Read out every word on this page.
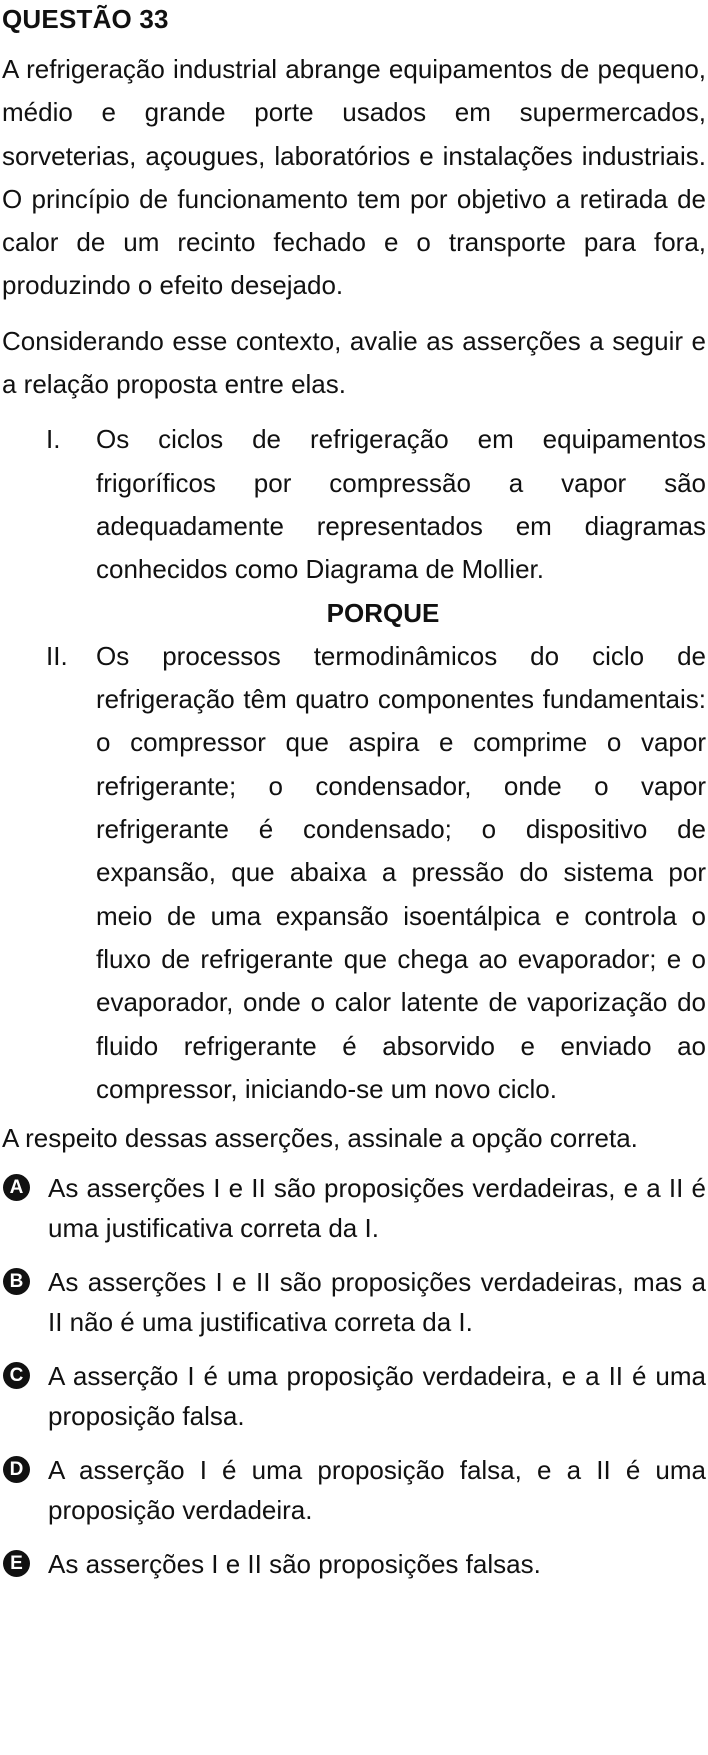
QUESTÃO 33

A refrigeração industrial abrange equipamentos de pequeno, médio e grande porte usados em supermercados, sorveterias, açougues, laboratórios e instalações industriais. O princípio de funcionamento tem por objetivo a retirada de calor de um recinto fechado e o transporte para fora, produzindo o efeito desejado.

Considerando esse contexto, avalie as asserções a seguir e a relação proposta entre elas.

I.	Os ciclos de refrigeração em equipamentos frigoríficos por compressão a vapor são adequadamente representados em diagramas conhecidos como Diagrama de Mollier.
PORQUE
II.	Os processos termodinâmicos do ciclo de refrigeração têm quatro componentes fundamentais: o compressor que aspira e comprime o vapor refrigerante; o condensador, onde o vapor refrigerante é condensado; o dispositivo de expansão, que abaixa a pressão do sistema por meio de uma expansão isoentálpica e controla o fluxo de refrigerante que chega ao evaporador; e o evaporador, onde o calor latente de vaporização do fluido refrigerante é absorvido e enviado ao compressor, iniciando-se um novo ciclo.
A respeito dessas asserções, assinale a opção correta.
A As asserções I e II são proposições verdadeiras, e a II é uma justificativa correta da I.
B As asserções I e II são proposições verdadeiras, mas a II não é uma justificativa correta da I.
C A asserção I é uma proposição verdadeira, e a II é uma proposição falsa.
D A asserção I é uma proposição falsa, e a II é uma proposição verdadeira.
E As asserções I e II são proposições falsas.
